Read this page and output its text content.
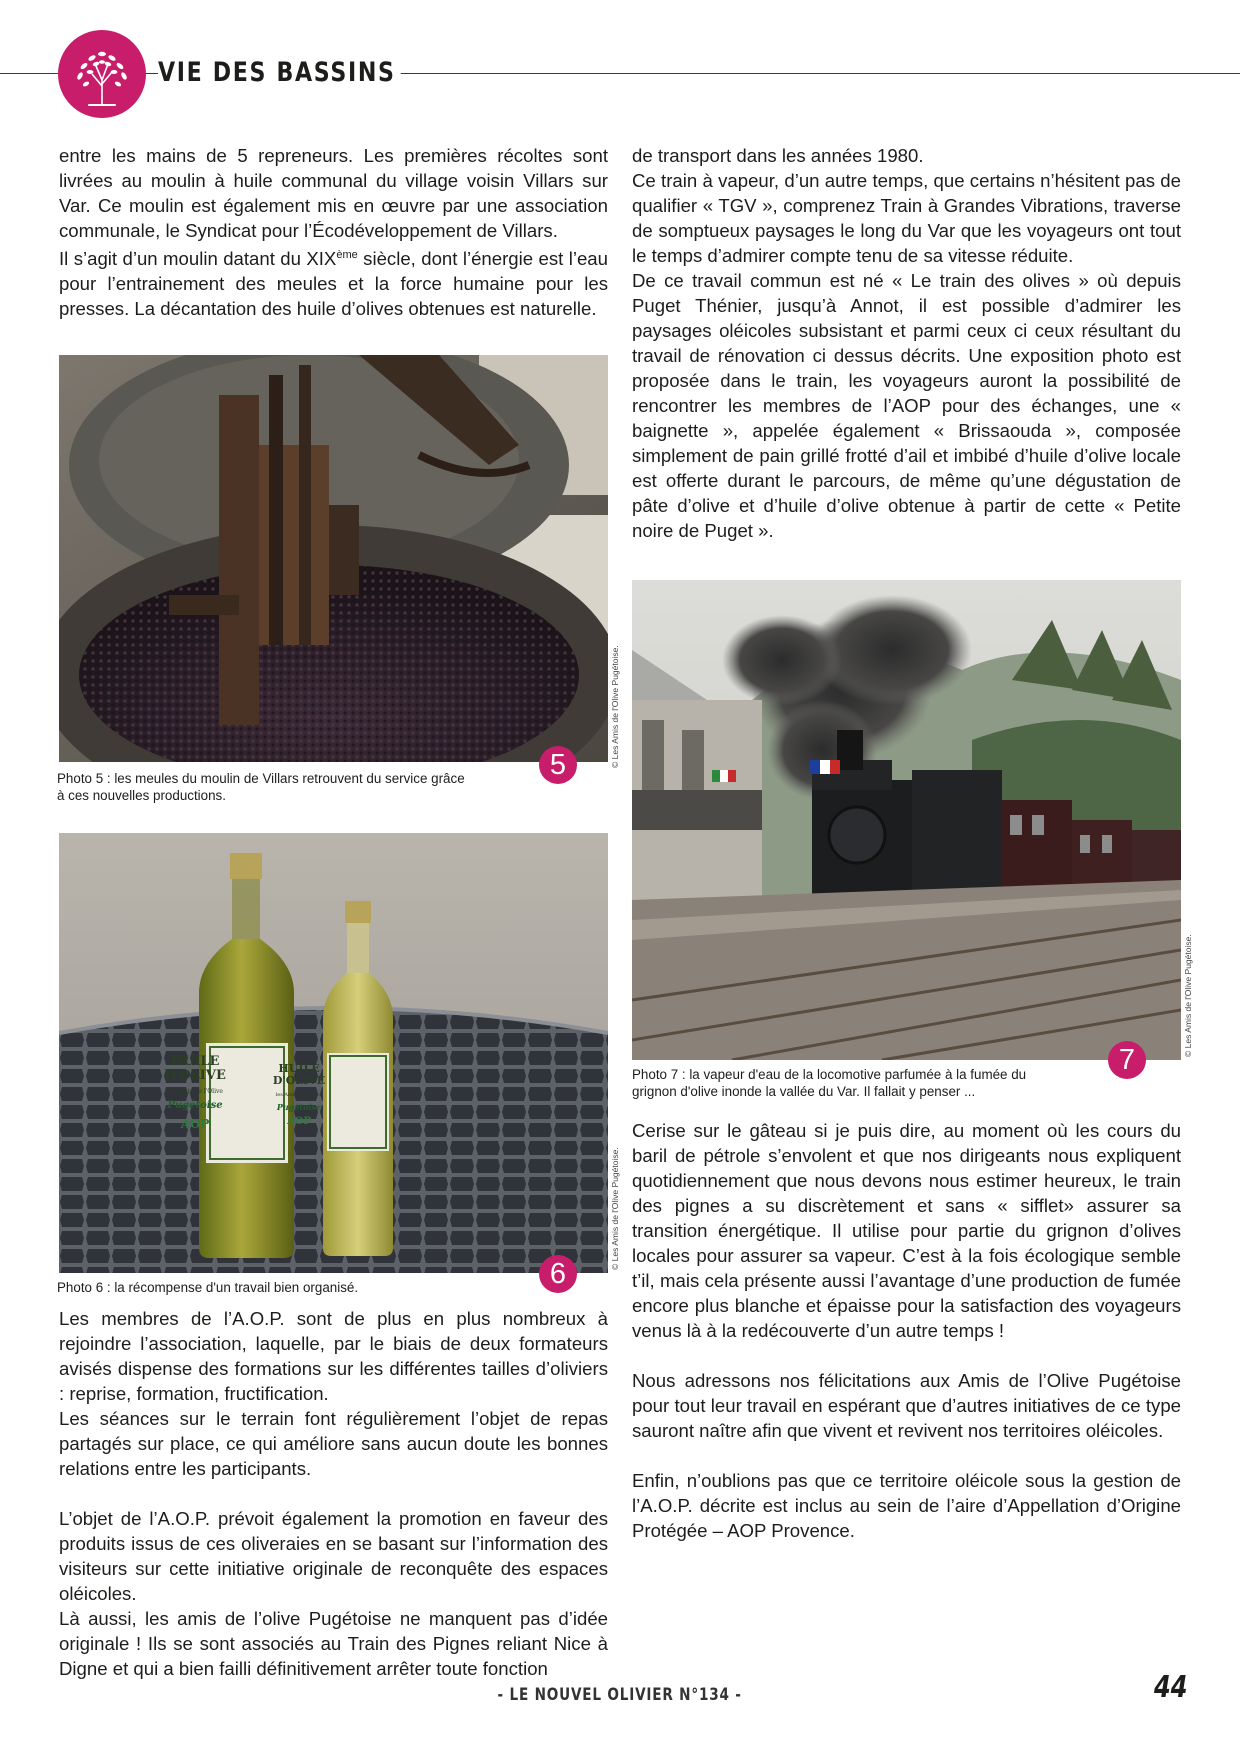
VIE DES BASSINS

entre les mains de 5 repreneurs. Les premières récoltes sont livrées au moulin à huile communal du village voisin Villars sur Var. Ce moulin est également mis en œuvre par une association communale, le Syndicat pour l’Écodéveloppement de Villars.

Il s’agit d’un moulin datant du XIXème siècle, dont l’énergie est l’eau pour l’entrainement des meules et la force humaine pour les presses. La décantation des huile d’olives obtenues est naturelle.

© Les Amis de l'Olive Pugétoise.
5
Photo 5 : les meules du moulin de Villars retrouvent du service grâce
à ces nouvelles productions.
HUILE
D'OLIVE
les Amis de l'Olive
Pugétoise
AOP
HUILE
D'OLIVE
les Amis de l'Olive
Pugétoise
AOP
© Les Amis de l'Olive Pugétoise.
6
Photo 6 : la récompense d'un travail bien organisé.

Les membres de l’A.O.P. sont de plus en plus nombreux à rejoindre l’association, laquelle, par le biais de deux formateurs avisés dispense des formations sur les différentes tailles d’oliviers : reprise, formation, fructification.

Les séances sur le terrain font régulièrement l’objet de repas partagés sur place, ce qui améliore sans aucun doute les bonnes relations entre les participants.

L’objet de l’A.O.P. prévoit également la promotion en faveur des produits issus de ces oliveraies en se basant sur l’information des visiteurs sur cette initiative originale de reconquête des espaces oléicoles.

Là aussi, les amis de l’olive Pugétoise ne manquent pas d’idée originale ! Ils se sont associés au Train des Pignes reliant Nice à Digne et qui a bien failli définitivement arrêter toute fonction

de transport dans les années 1980.

Ce train à vapeur, d’un autre temps, que certains n’hésitent pas de qualifier « TGV », comprenez Train à Grandes Vibrations, traverse de somptueux paysages le long du Var que les voyageurs ont tout le temps d’admirer compte tenu de sa vitesse réduite.

De ce travail commun est né « Le train des olives » où depuis Puget Thénier, jusqu’à Annot, il est possible d’admirer les paysages oléicoles subsistant et parmi ceux ci ceux résultant du travail de rénovation ci dessus décrits. Une exposition photo est proposée dans le train, les voyageurs auront la possibilité de rencontrer les membres de l’AOP pour des échanges, une « baignette », appelée également « Brissaouda », composée simplement de pain grillé frotté d’ail et imbibé d’huile d’olive locale est offerte durant le parcours, de même qu’une dégustation de pâte d’olive et d’huile d’olive obtenue à partir de cette « Petite noire de Puget ».

© Les Amis de l'Olive Pugétoise.
7
Photo 7 : la vapeur d'eau de la locomotive parfumée à la fumée du
grignon d'olive inonde la vallée du Var. Il fallait y penser ...

Cerise sur le gâteau si je puis dire, au moment où les cours du baril de pétrole s’envolent et que nos dirigeants nous expliquent quotidiennement que nous devons nous estimer heureux, le train des pignes a su discrètement et sans « sifflet» assurer sa transition énergétique. Il utilise pour partie du grignon d’olives locales pour assurer sa vapeur. C’est à la fois écologique semble t’il, mais cela présente aussi l’avantage d’une production de fumée encore plus blanche et épaisse pour la satisfaction des voyageurs venus là à la redécouverte d’un autre temps !

Nous adressons nos félicitations aux Amis de l’Olive Pugétoise pour tout leur travail en espérant que d’autres initiatives de ce type sauront naître afin que vivent et revivent nos territoires oléicoles.

Enfin, n’oublions pas que ce territoire oléicole sous la gestion de l’A.O.P. décrite est inclus au sein de l’aire d’Appellation d’Origine Protégée – AOP Provence.

- LE NOUVEL OLIVIER N°134 -	44
